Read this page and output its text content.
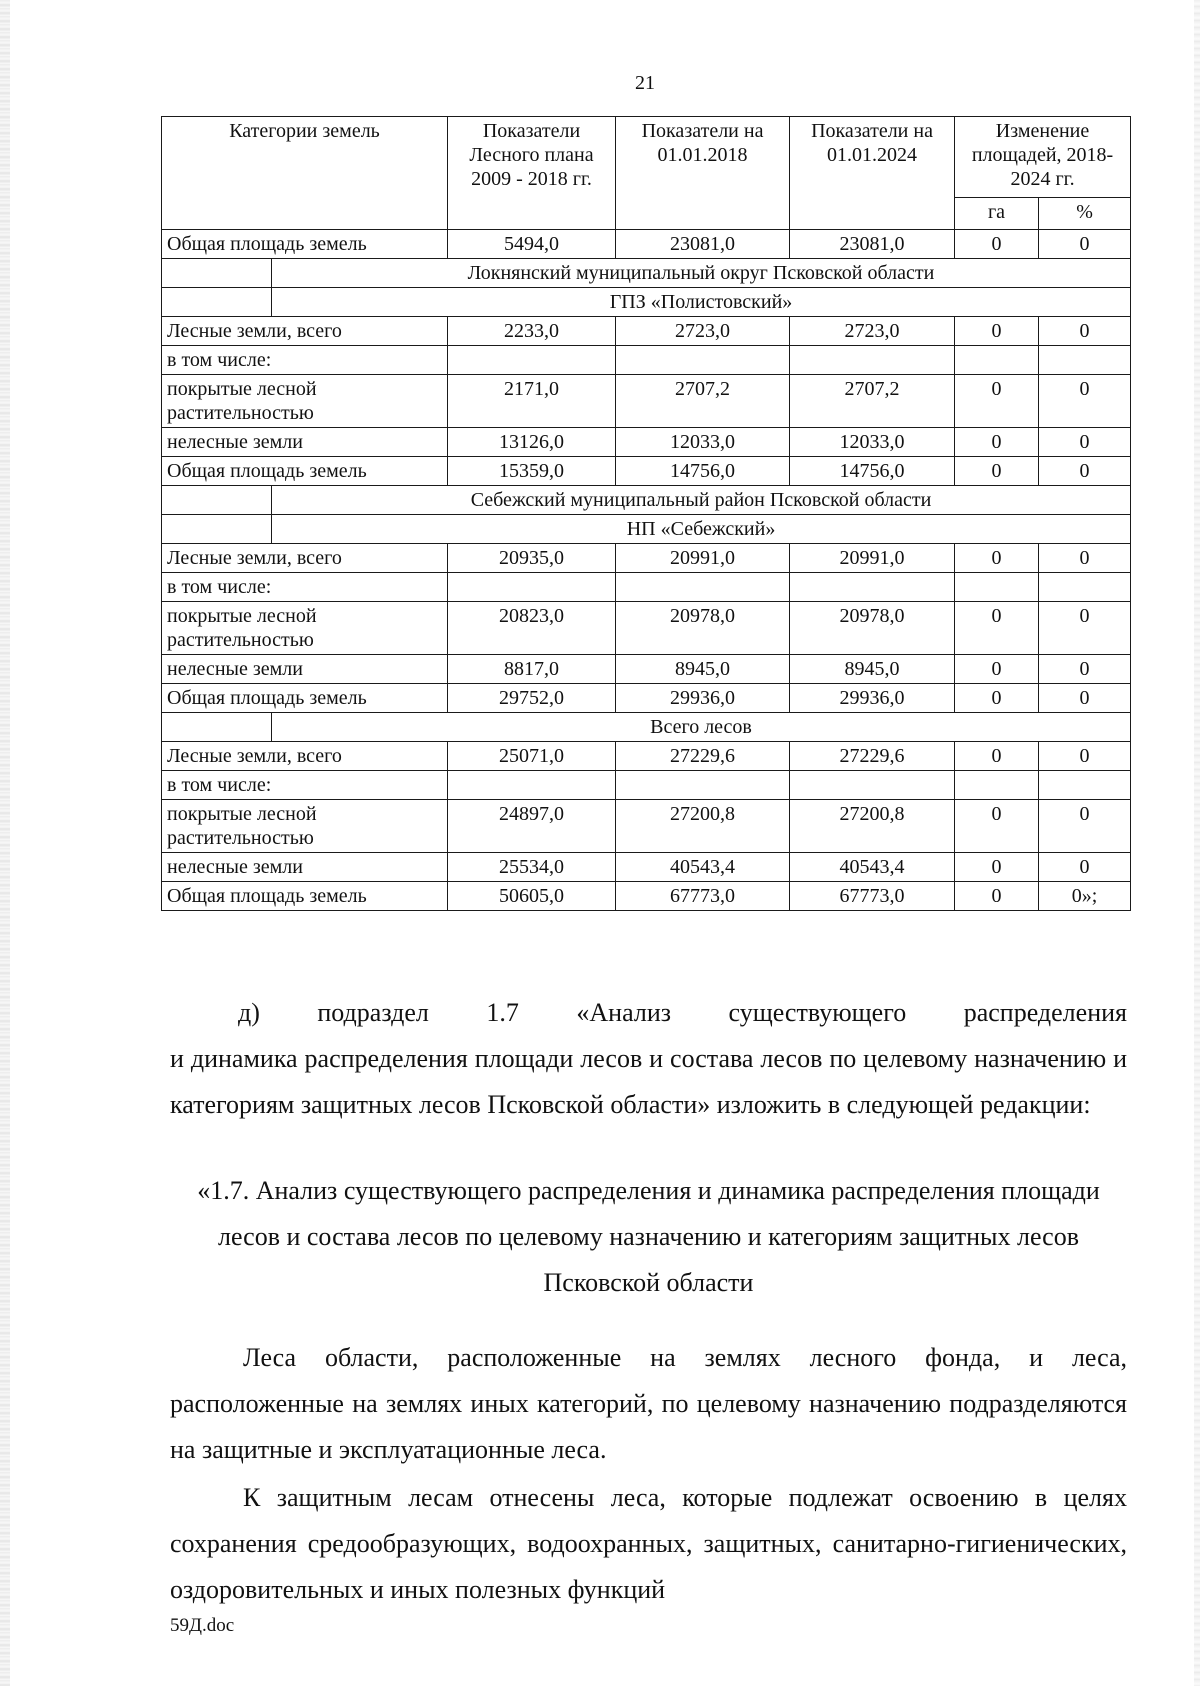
21
Категории земель		Показатели Лесного плана 2009 - 2018 гг.	Показатели на 01.01.2018	Показатели на 01.01.2024	Изменение площадей, 2018-2024 гг.	
					га	%
Общая площадь земель		5494,0	23081,0	23081,0	0	0
	Локнянский муниципальный округ Псковской области					
	ГПЗ «Полистовский»					
Лесные земли, всего		2233,0	2723,0	2723,0	0	0
в том числе:						
покрытые лесной растительностью		2171,0	2707,2	2707,2	0	0
нелесные земли		13126,0	12033,0	12033,0	0	0
Общая площадь земель		15359,0	14756,0	14756,0	0	0
	Себежский муниципальный район Псковской области					
	НП «Себежский»					
Лесные земли, всего		20935,0	20991,0	20991,0	0	0
в том числе:						
покрытые лесной растительностью		20823,0	20978,0	20978,0	0	0
нелесные земли		8817,0	8945,0	8945,0	0	0
Общая площадь земель		29752,0	29936,0	29936,0	0	0
	Всего лесов					
Лесные земли, всего		25071,0	27229,6	27229,6	0	0
в том числе:						
покрытые лесной растительностью		24897,0	27200,8	27200,8	0	0
нелесные земли		25534,0	40543,4	40543,4	0	0
Общая площадь земель		50605,0	67773,0	67773,0	0	0»;
д) подраздел 1.7 «Анализ существующего распределения
и динамика распределения площади лесов и состава лесов по целевому назначению и категориям защитных лесов Псковской области» изложить в следующей редакции:
«1.7. Анализ существующего распределения и динамика распределения площади лесов и состава лесов по целевому назначению и категориям защитных лесов Псковской области
Леса области, расположенные на землях лесного фонда, и леса, расположенные на землях иных категорий, по целевому назначению подразделяются на защитные и эксплуатационные леса.
К защитным лесам отнесены леса, которые подлежат освоению в целях сохранения средообразующих, водоохранных, защитных, санитарно-гигиенических, оздоровительных и иных полезных функций
59Д.doc
